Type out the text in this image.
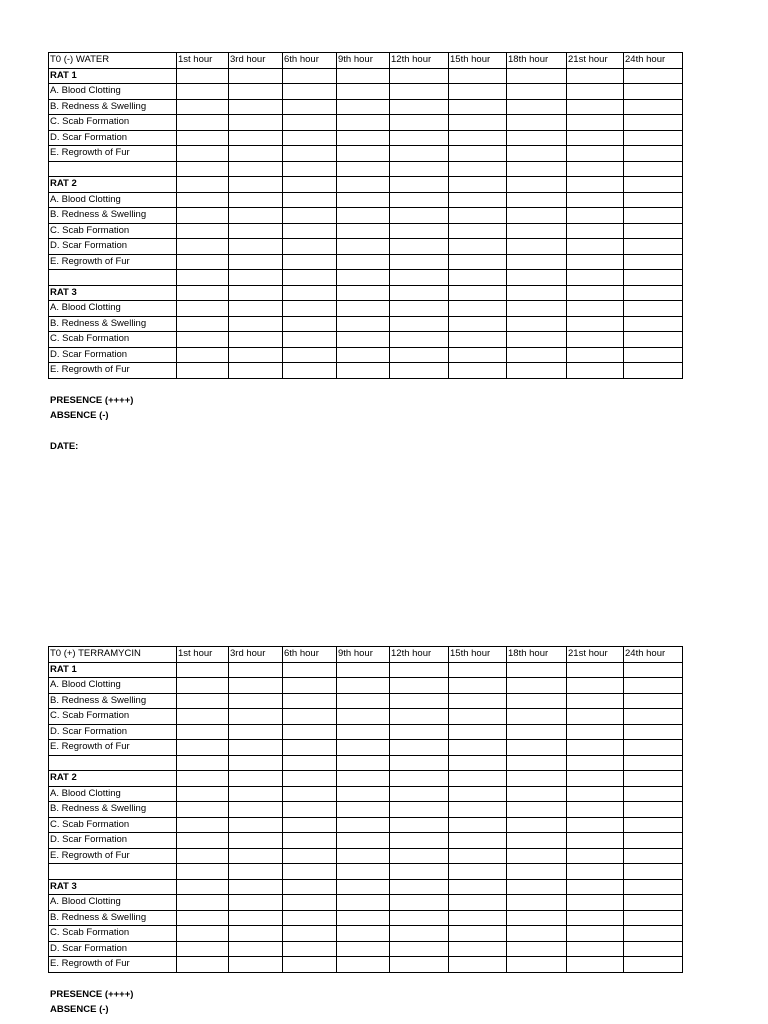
T0 (-) WATER	1st hour	3rd hour	6th hour	9th hour	12th hour	15th hour	18th hour	21st hour	24th hour
RAT 1									
A. Blood Clotting									
B. Redness & Swelling									
C. Scab Formation									
D. Scar Formation									
E. Regrowth of Fur									

RAT 2									
A. Blood Clotting									
B. Redness & Swelling									
C. Scab Formation									
D. Scar Formation									
E. Regrowth of Fur									

RAT 3									
A. Blood Clotting									
B. Redness & Swelling									
C. Scab Formation									
D. Scar Formation									
E. Regrowth of Fur									
PRESENCE (++++)
ABSENCE (-)
DATE:
T0 (+) TERRAMYCIN	1st hour	3rd hour	6th hour	9th hour	12th hour	15th hour	18th hour	21st hour	24th hour
RAT 1									
A. Blood Clotting									
B. Redness & Swelling									
C. Scab Formation									
D. Scar Formation									
E. Regrowth of Fur									

RAT 2									
A. Blood Clotting									
B. Redness & Swelling									
C. Scab Formation									
D. Scar Formation									
E. Regrowth of Fur									

RAT 3									
A. Blood Clotting									
B. Redness & Swelling									
C. Scab Formation									
D. Scar Formation									
E. Regrowth of Fur									
PRESENCE (++++)
ABSENCE (-)
